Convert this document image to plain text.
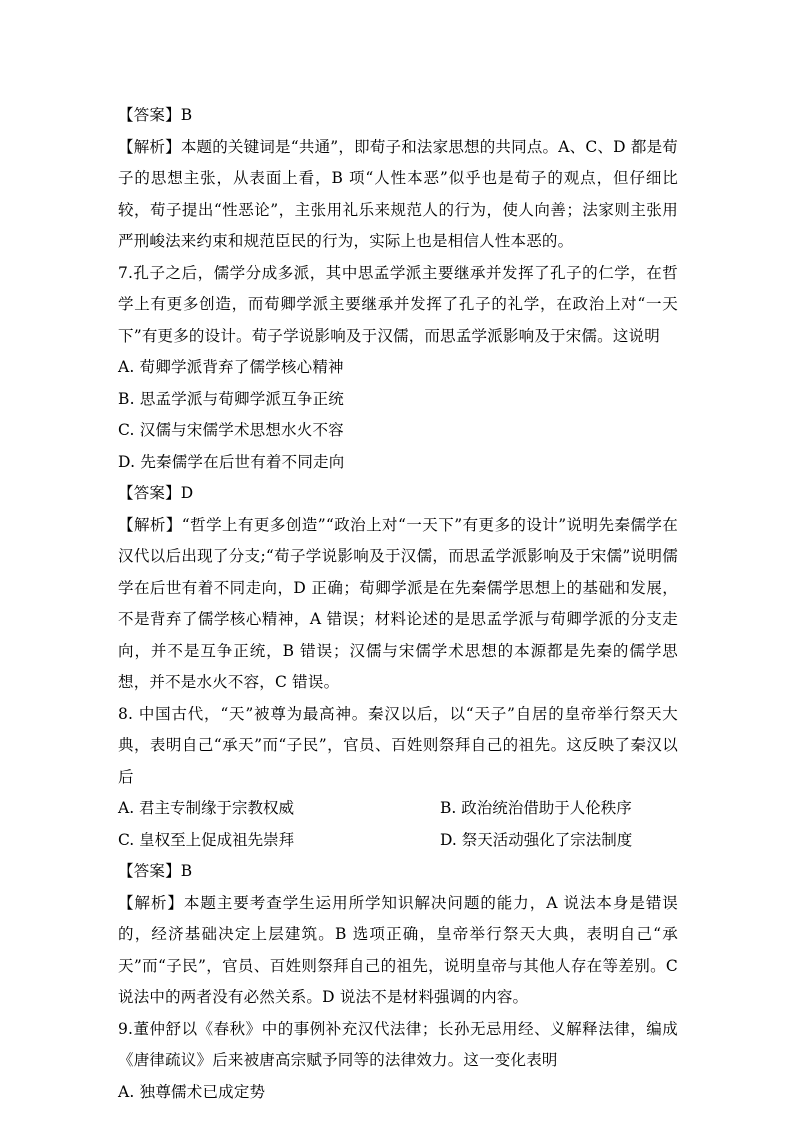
【答案】B

【解析】本题的关键词是“共通”，即荀子和法家思想的共同点。A、C、D 都是荀子的思想主张，从表面上看，B 项“人性本恶”似乎也是荀子的观点，但仔细比较，荀子提出“性恶论”，主张用礼乐来规范人的行为，使人向善；法家则主张用严刑峻法来约束和规范臣民的行为，实际上也是相信人性本恶的。

7.孔子之后，儒学分成多派，其中思孟学派主要继承并发挥了孔子的仁学，在哲学上有更多创造，而荀卿学派主要继承并发挥了孔子的礼学，在政治上对“一天下”有更多的设计。荀子学说影响及于汉儒，而思孟学派影响及于宋儒。这说明

A. 荀卿学派背弃了儒学核心精神

B. 思孟学派与荀卿学派互争正统

C. 汉儒与宋儒学术思想水火不容

D. 先秦儒学在后世有着不同走向

【答案】D

【解析】“哲学上有更多创造”“政治上对“一天下”有更多的设计”说明先秦儒学在汉代以后出现了分支;“荀子学说影响及于汉儒，而思孟学派影响及于宋儒”说明儒学在后世有着不同走向，D 正确；荀卿学派是在先秦儒学思想上的基础和发展，不是背弃了儒学核心精神，A 错误；材料论述的是思孟学派与荀卿学派的分支走向，并不是互争正统，B 错误；汉儒与宋儒学术思想的本源都是先秦的儒学思想，并不是水火不容，C 错误。

8. 中国古代，“天”被尊为最高神。秦汉以后，以“天子”自居的皇帝举行祭天大典，表明自己“承天”而“子民”，官员、百姓则祭拜自己的祖先。这反映了秦汉以后

A. 君主专制缘于宗教权威	B. 政治统治借助于人伦秩序
C. 皇权至上促成祖先崇拜	D. 祭天活动强化了宗法制度

【答案】B

【解析】本题主要考查学生运用所学知识解决问题的能力，A 说法本身是错误的，经济基础决定上层建筑。B 选项正确，皇帝举行祭天大典，表明自己“承天”而“子民”，官员、百姓则祭拜自己的祖先，说明皇帝与其他人存在等差别。C 说法中的两者没有必然关系。D 说法不是材料强调的内容。

9.董仲舒以《春秋》中的事例补充汉代法律；长孙无忌用经、义解释法律，编成《唐律疏议》后来被唐高宗赋予同等的法律效力。这一变化表明

A. 独尊儒术已成定势
